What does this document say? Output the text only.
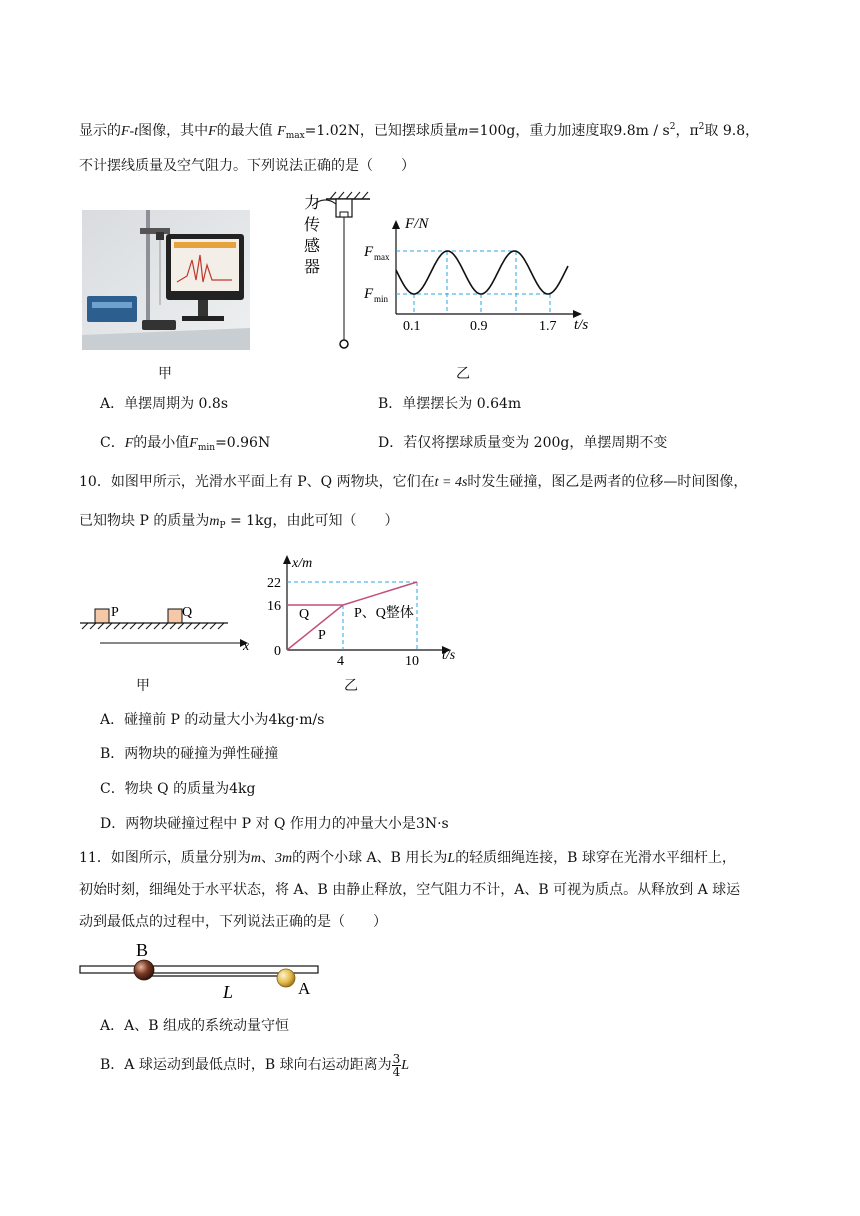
显示的F-t图像，其中F的最大值 $F_{max}=1.02N$，已知摆球质量m=100g，重力加速度取$9.8m / s^2$，$\pi^2$取 9.8，
不计摆线质量及空气阻力。下列说法正确的是（　　）
甲
力
传
感
器
F/N
t/s
F max
F min
0.1	0.9	1.7
乙
A．单摆周期为 0.8s	B．单摆摆长为 0.64m
C．F的最小值$F_{min}=0.96N$	D．若仅将摆球质量变为 200g，单摆周期不变
10．如图甲所示，光滑水平面上有 P、Q 两物块，它们在t = 4s时发生碰撞，图乙是两者的位移—时间图像，
已知物块 P 的质量为$m_P = 1kg$，由此可知（　　）
P	Q
x
甲
x/m
t/s
22
16
0
4	10
Q
P
P、Q整体
乙
A．碰撞前 P 的动量大小为4kg·m/s
B．两物块的碰撞为弹性碰撞
C．物块 Q 的质量为4kg
D．两物块碰撞过程中 P 对 Q 作用力的冲量大小是3N·s
11．如图所示，质量分别为m、3m的两个小球 A、B 用长为L的轻质细绳连接，B 球穿在光滑水平细杆上，
初始时刻，细绳处于水平状态，将 A、B 由静止释放，空气阻力不计，A、B 可视为质点。从释放到 A 球运
动到最低点的过程中，下列说法正确的是（　　）
B
A
L
A．A、B 组成的系统动量守恒
B．A 球运动到最低点时，B 球向右运动距离为 $\frac{3}{4}$ L
